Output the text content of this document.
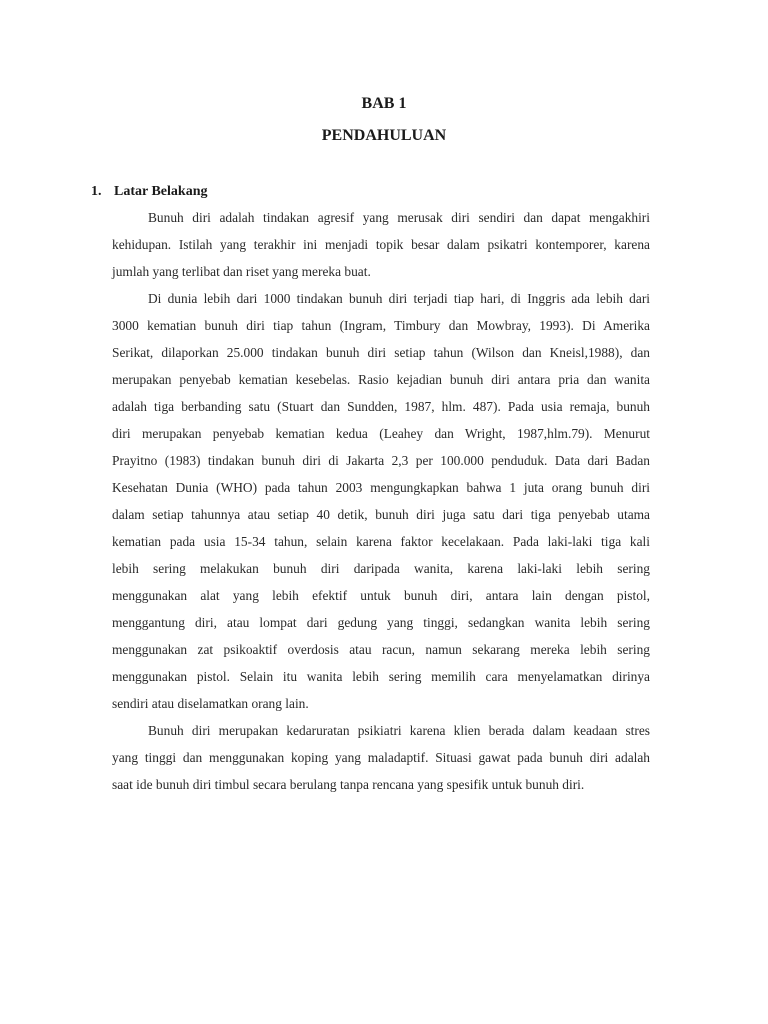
BAB 1
PENDAHULUAN
1. Latar Belakang
Bunuh diri adalah tindakan agresif yang merusak diri sendiri dan dapat mengakhiri
kehidupan. Istilah yang terakhir ini menjadi topik besar dalam psikatri kontemporer, karena
jumlah yang terlibat dan riset yang mereka buat.
Di dunia lebih dari 1000 tindakan bunuh diri terjadi tiap hari, di Inggris ada lebih dari
3000 kematian bunuh diri tiap tahun (Ingram, Timbury dan Mowbray, 1993). Di Amerika
Serikat, dilaporkan 25.000 tindakan bunuh diri setiap tahun (Wilson dan Kneisl,1988), dan
merupakan penyebab kematian kesebelas. Rasio kejadian bunuh diri antara pria dan wanita
adalah tiga berbanding satu (Stuart dan Sundden, 1987, hlm. 487). Pada usia remaja, bunuh
diri merupakan penyebab kematian kedua (Leahey dan Wright, 1987,hlm.79). Menurut
Prayitno (1983) tindakan bunuh diri di Jakarta 2,3 per 100.000 penduduk. Data dari Badan
Kesehatan Dunia (WHO) pada tahun 2003 mengungkapkan bahwa 1 juta orang bunuh diri
dalam setiap tahunnya atau setiap 40 detik, bunuh diri juga satu dari tiga penyebab utama
kematian pada usia 15-34 tahun, selain karena faktor kecelakaan. Pada laki-laki tiga kali
lebih sering melakukan bunuh diri daripada wanita, karena laki-laki lebih sering
menggunakan alat yang lebih efektif untuk bunuh diri, antara lain dengan pistol,
menggantung diri, atau lompat dari gedung yang tinggi, sedangkan wanita lebih sering
menggunakan zat psikoaktif overdosis atau racun, namun sekarang mereka lebih sering
menggunakan pistol. Selain itu wanita lebih sering memilih cara menyelamatkan dirinya
sendiri atau diselamatkan orang lain.
Bunuh diri merupakan kedaruratan psikiatri karena klien berada dalam keadaan stres
yang tinggi dan menggunakan koping yang maladaptif. Situasi gawat pada bunuh diri adalah
saat ide bunuh diri timbul secara berulang tanpa rencana yang spesifik untuk bunuh diri.
